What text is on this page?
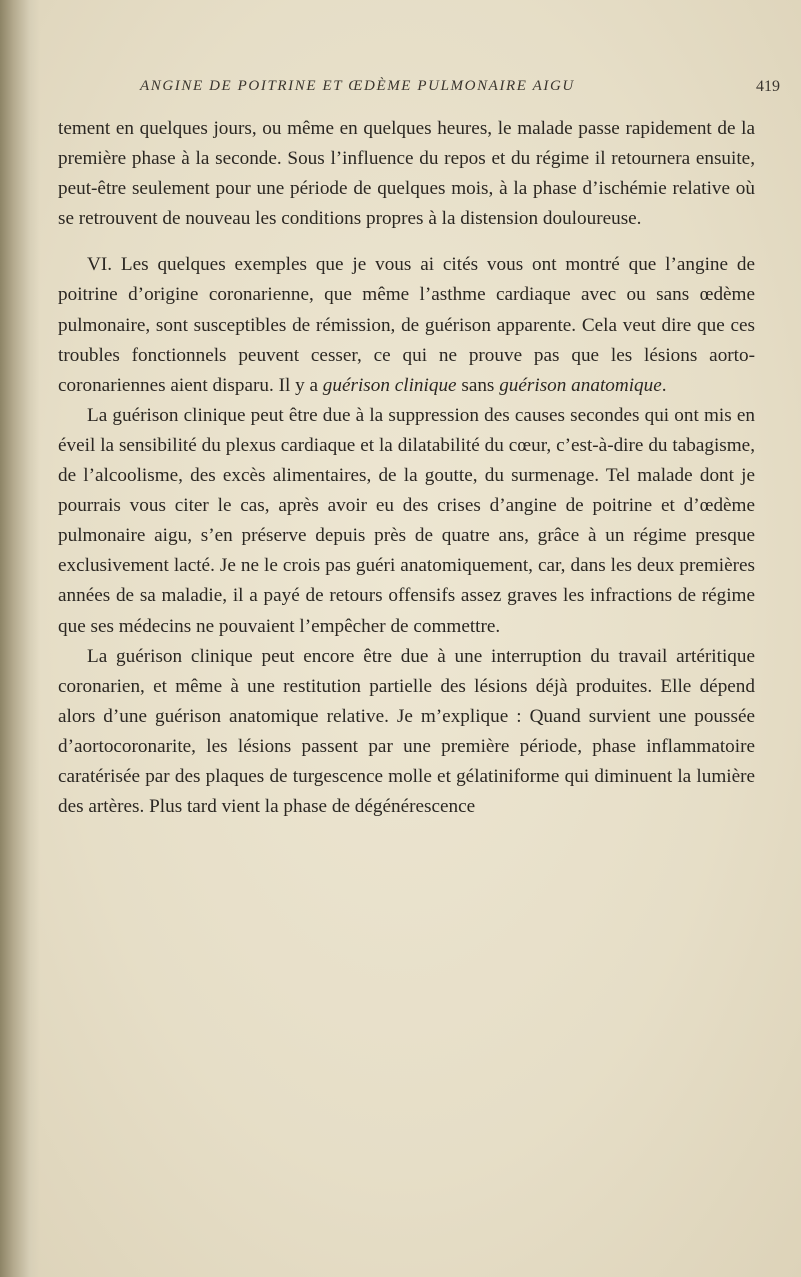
ANGINE DE POITRINE ET ŒDÈME PULMONAIRE AIGU	419

tement en quelques jours, ou même en quelques heures, le malade passe rapidement de la première phase à la seconde. Sous l’influence du repos et du régime il retournera ensuite, peut-être seulement pour une période de quelques mois, à la phase d’ischémie relative où se retrouvent de nouveau les conditions propres à la distension douloureuse.

VI. Les quelques exemples que je vous ai cités vous ont montré que l’angine de poitrine d’origine coronarienne, que même l’asthme cardiaque avec ou sans œdème pulmonaire, sont susceptibles de rémission, de guérison apparente. Cela veut dire que ces troubles fonctionnels peuvent cesser, ce qui ne prouve pas que les lésions aorto-coronariennes aient disparu. Il y a guérison clinique sans guérison anatomique.

La guérison clinique peut être due à la suppression des causes secondes qui ont mis en éveil la sensibilité du plexus cardiaque et la dilatabilité du cœur, c’est-à-dire du tabagisme, de l’alcoolisme, des excès alimentaires, de la goutte, du surmenage. Tel malade dont je pourrais vous citer le cas, après avoir eu des crises d’angine de poitrine et d’œdème pulmonaire aigu, s’en préserve depuis près de quatre ans, grâce à un régime presque exclusivement lacté. Je ne le crois pas guéri anatomiquement, car, dans les deux premières années de sa maladie, il a payé de retours offensifs assez graves les infractions de régime que ses médecins ne pouvaient l’empêcher de commettre.

La guérison clinique peut encore être due à une interruption du travail artéritique coronarien, et même à une restitution partielle des lésions déjà produites. Elle dépend alors d’une guérison anatomique relative. Je m’explique : Quand survient une poussée d’aortocoronarite, les lésions passent par une première période, phase inflammatoire caratérisée par des plaques de turgescence molle et gélatiniforme qui diminuent la lumière des artères. Plus tard vient la phase de dégénérescence
